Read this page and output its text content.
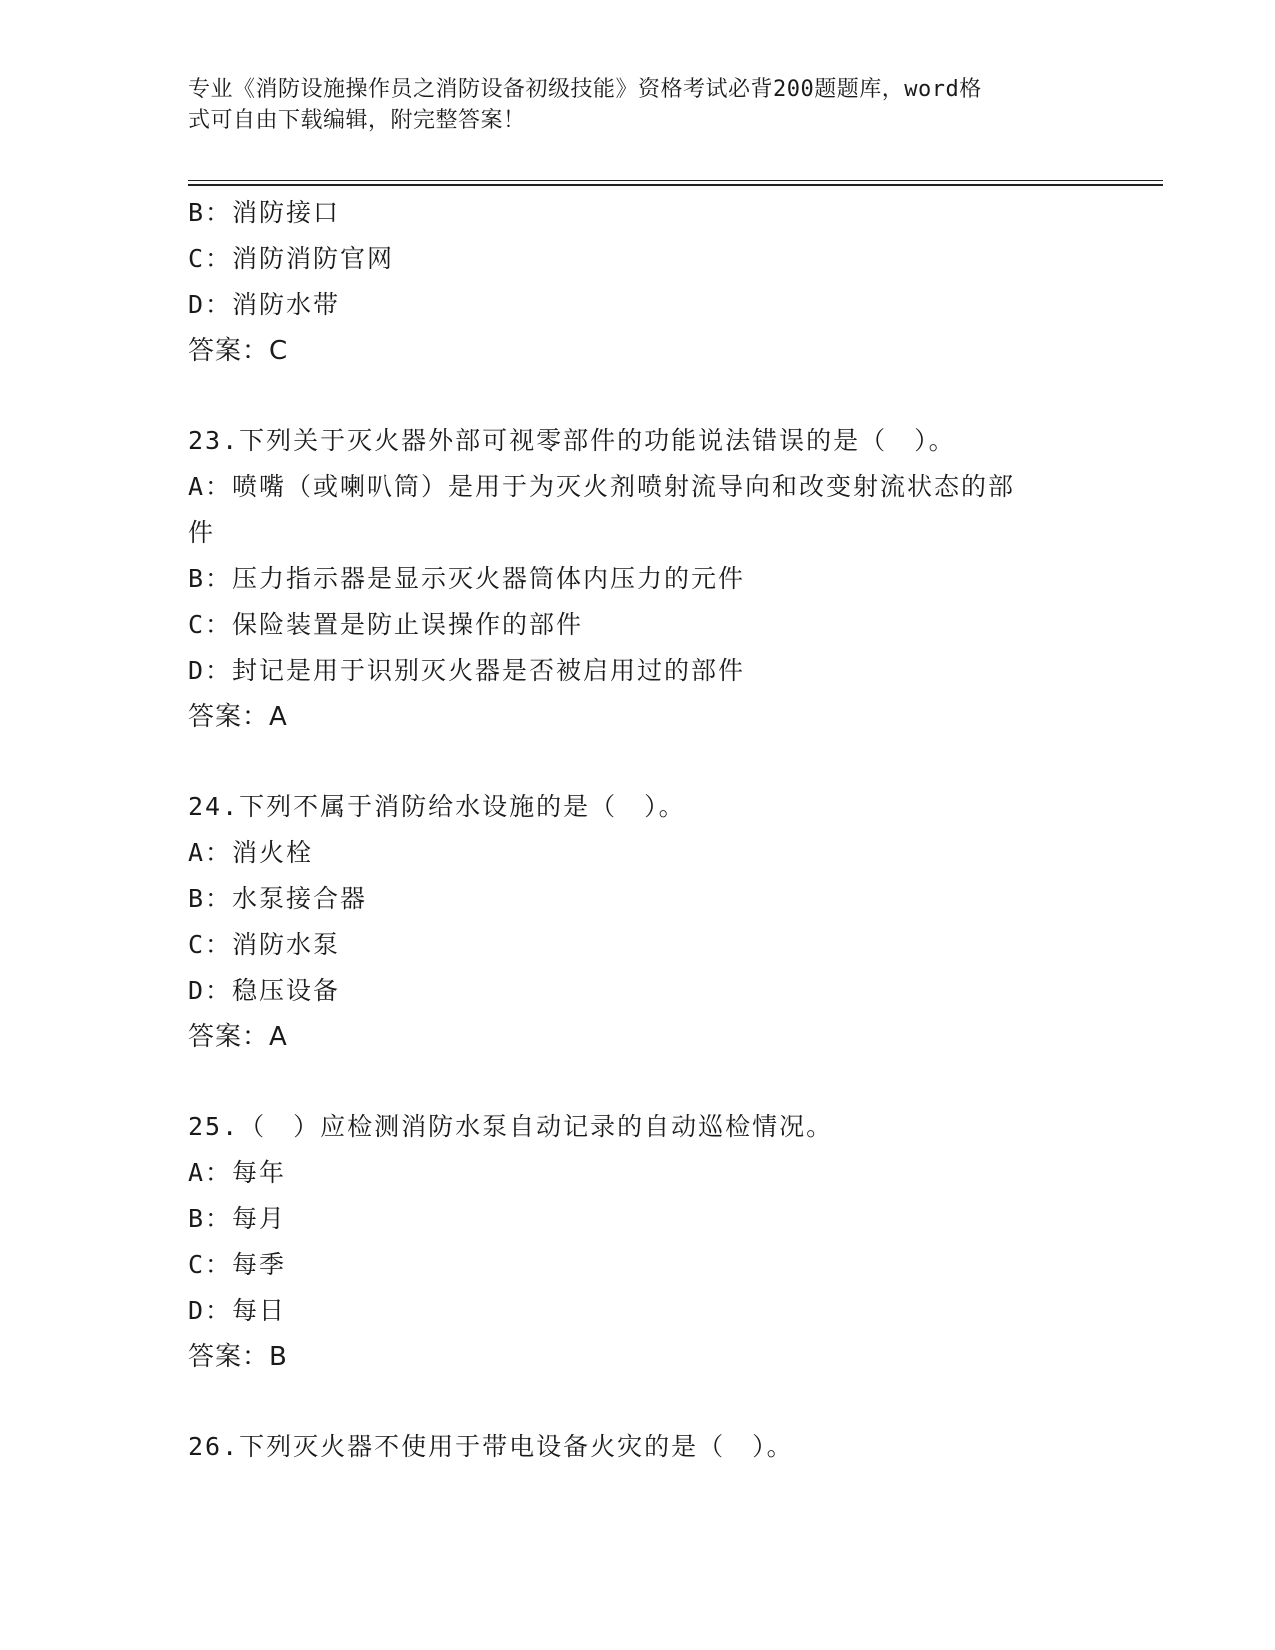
专业《消防设施操作员之消防设备初级技能》资格考试必背200题题库，word格
式可自由下载编辑，附完整答案！
B：消防接口
C：消防消防官网
D：消防水带
答案：C
23.下列关于灭火器外部可视零部件的功能说法错误的是（　）。
A：喷嘴（或喇叭筒）是用于为灭火剂喷射流导向和改变射流状态的部
件
B：压力指示器是显示灭火器筒体内压力的元件
C：保险装置是防止误操作的部件
D：封记是用于识别灭火器是否被启用过的部件
答案：A
24.下列不属于消防给水设施的是（　）。
A：消火栓
B：水泵接合器
C：消防水泵
D：稳压设备
答案：A
25.（　）应检测消防水泵自动记录的自动巡检情况。
A：每年
B：每月
C：每季
D：每日
答案：B
26.下列灭火器不使用于带电设备火灾的是（　）。
